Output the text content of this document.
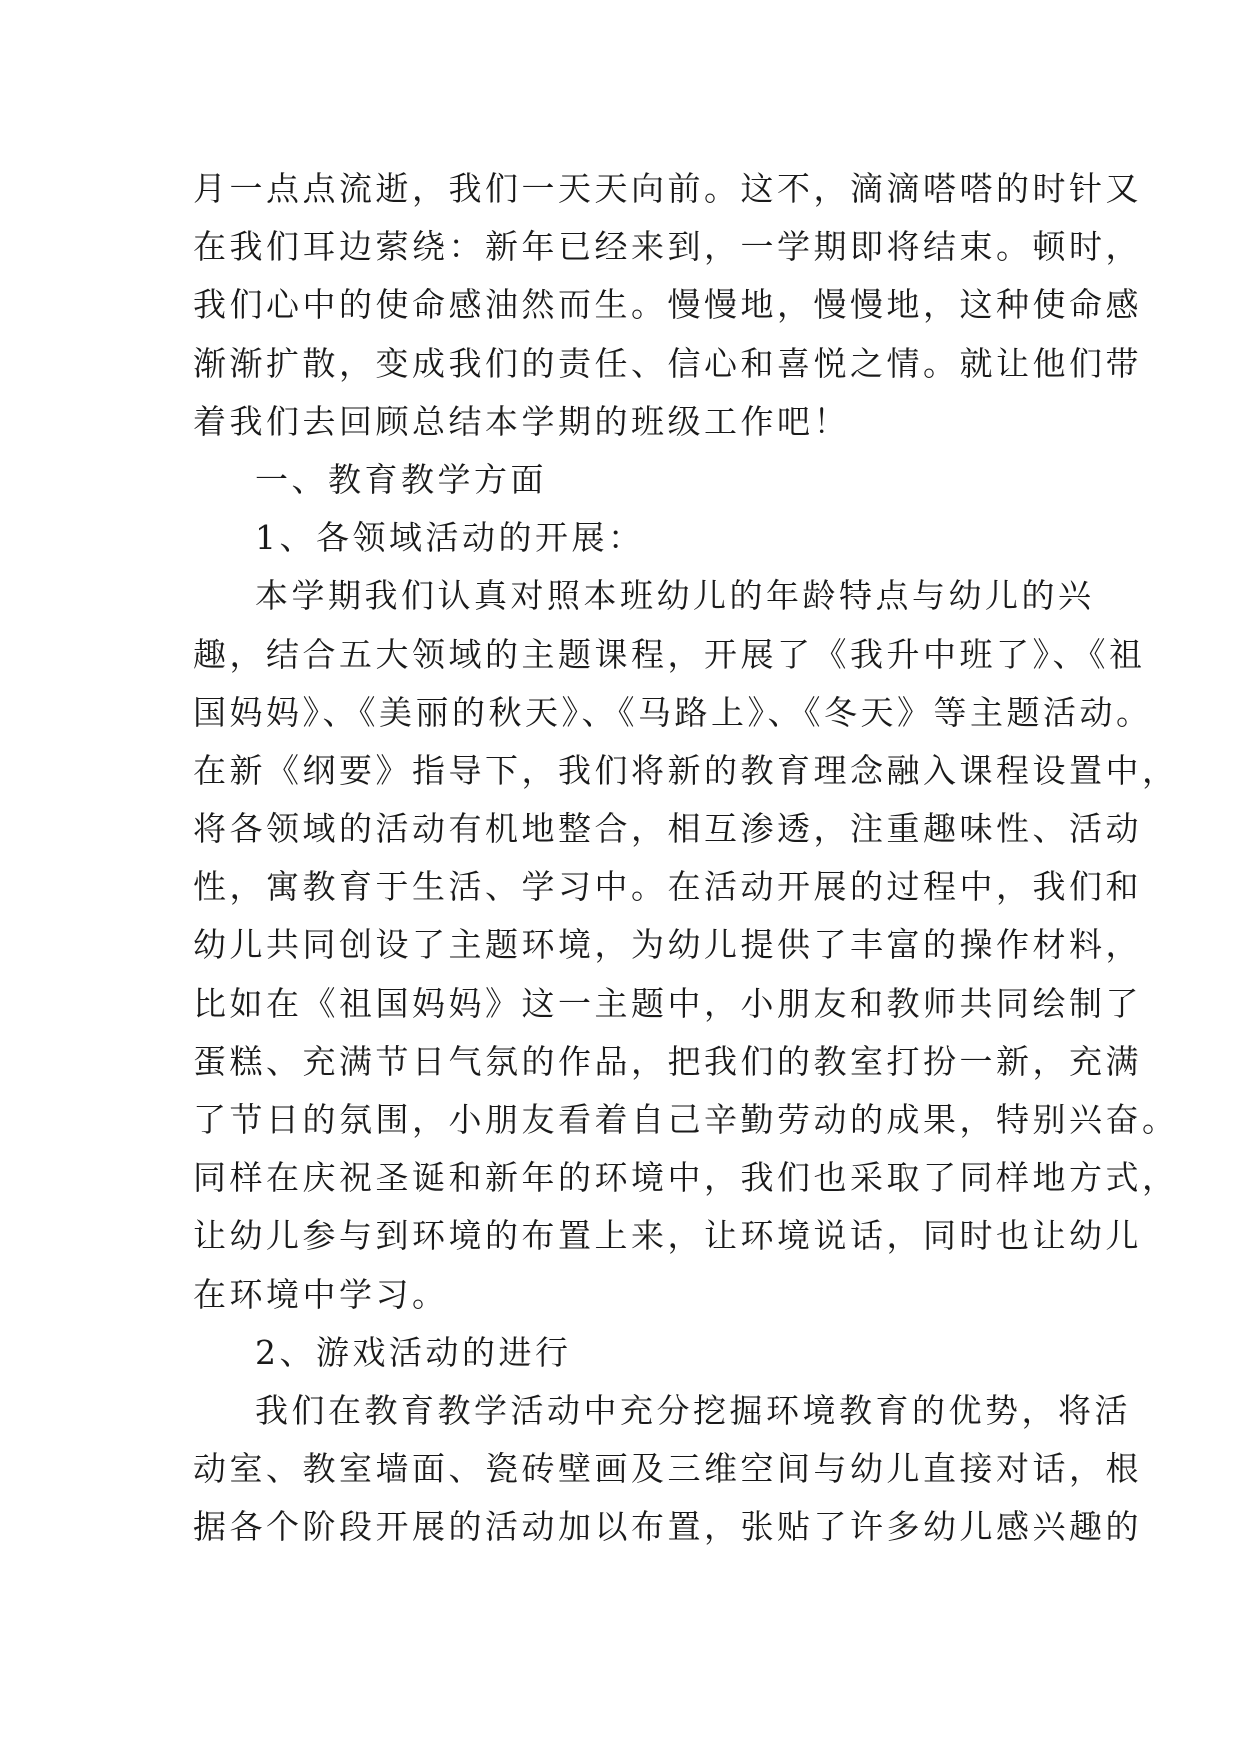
月一点点流逝，我们一天天向前。这不，滴滴嗒嗒的时针又
在我们耳边萦绕：新年已经来到，一学期即将结束。顿时，
我们心中的使命感油然而生。慢慢地，慢慢地，这种使命感
渐渐扩散，变成我们的责任、信心和喜悦之情。就让他们带
着我们去回顾总结本学期的班级工作吧！
一、教育教学方面
1、各领域活动的开展：
本学期我们认真对照本班幼儿的年龄特点与幼儿的兴
趣，结合五大领域的主题课程，开展了《我升中班了》、《祖
国妈妈》、《美丽的秋天》、《马路上》、《冬天》等主题活动。
在新《纲要》指导下，我们将新的教育理念融入课程设置中，
将各领域的活动有机地整合，相互渗透，注重趣味性、活动
性，寓教育于生活、学习中。在活动开展的过程中，我们和
幼儿共同创设了主题环境，为幼儿提供了丰富的操作材料，
比如在《祖国妈妈》这一主题中，小朋友和教师共同绘制了
蛋糕、充满节日气氛的作品，把我们的教室打扮一新，充满
了节日的氛围，小朋友看着自己辛勤劳动的成果，特别兴奋。
同样在庆祝圣诞和新年的环境中，我们也采取了同样地方式，
让幼儿参与到环境的布置上来，让环境说话，同时也让幼儿
在环境中学习。
2、游戏活动的进行
我们在教育教学活动中充分挖掘环境教育的优势，将活
动室、教室墙面、瓷砖壁画及三维空间与幼儿直接对话，根
据各个阶段开展的活动加以布置，张贴了许多幼儿感兴趣的
